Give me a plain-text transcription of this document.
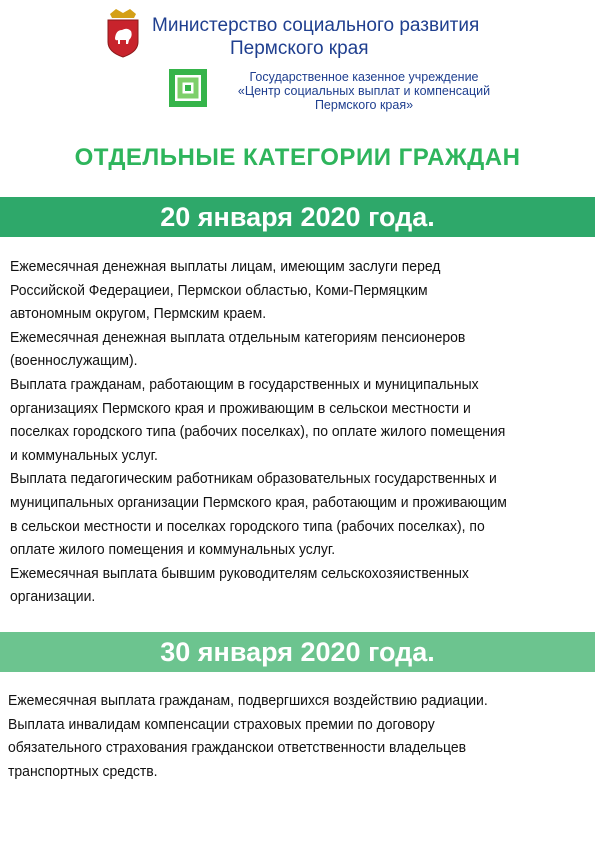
Министерство социального развития
Пермского края
Государственное казенное учреждение
«Центр социальных выплат и компенсаций
Пермского края»
ОТДЕЛЬНЫЕ КАТЕГОРИИ ГРАЖДАН
20 января 2020 года.

Ежемесячная денежная выплаты лицам, имеющим заслуги перед

Российской Федерациеи, Пермскои областью, Коми-Пермяцким

автономным округом, Пермским краем.

Ежемесячная денежная выплата отдельным категориям пенсионеров

(военнослужащим).

Выплата гражданам, работающим в государственных и муниципальных

организациях Пермского края и проживающим в сельскои местности и

поселках городского типа (рабочих поселках), по оплате жилого помещения

и коммунальных услуг.

Выплата педагогическим работникам образовательных государственных и

муниципальных организации Пермского края, работающим и проживающим

в сельскои местности и поселках городского типа (рабочих поселках), по

оплате жилого помещения и коммунальных услуг.

Ежемесячная выплата бывшим руководителям сельскохозяиственных

организации.

30 января 2020 года.

Ежемесячная выплата гражданам, подвергшихся воздействию радиации.

Выплата инвалидам компенсации страховых премии по договору

обязательного страхования гражданскои ответственности владельцев

транспортных средств.
